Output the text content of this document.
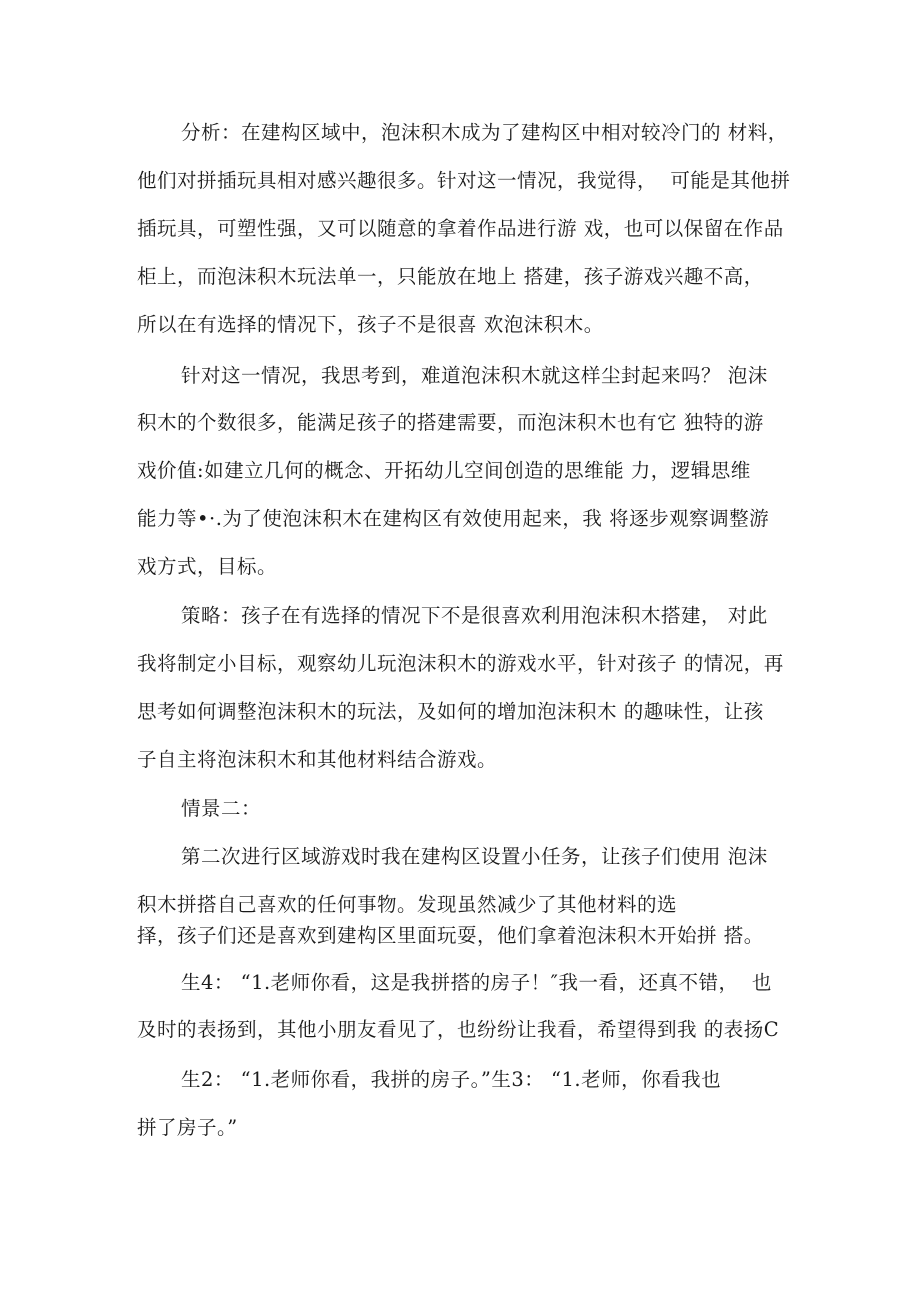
分析：在建构区域中，泡沫积木成为了建构区中相对较冷门的 材料，

他们对拼插玩具相对感兴趣很多。针对这一情况，我觉得，  可能是其他拼

插玩具，可塑性强，又可以随意的拿着作品进行游 戏，也可以保留在作品

柜上，而泡沫积木玩法单一，只能放在地上 搭建，孩子游戏兴趣不高，

所以在有选择的情况下，孩子不是很喜 欢泡沫积木。

针对这一情况，我思考到，难道泡沫积木就这样尘封起来吗？ 泡沫

积木的个数很多，能满足孩子的搭建需要，而泡沫积木也有它 独特的游

戏价值:如建立几何的概念、开拓幼儿空间创造的思维能 力，逻辑思维

能力等•·.为了使泡沫积木在建构区有效使用起来，我 将逐步观察调整游

戏方式，目标。

策略：孩子在有选择的情况下不是很喜欢利用泡沫积木搭建， 对此

我将制定小目标，观察幼儿玩泡沫积木的游戏水平，针对孩子 的情况，再

思考如何调整泡沫积木的玩法，及如何的增加泡沫积木 的趣味性，让孩

子自主将泡沫积木和其他材料结合游戏。

情景二：

第二次进行区域游戏时我在建构区设置小任务，让孩子们使用 泡沫

积木拼搭自己喜欢的任何事物。发现虽然减少了其他材料的选

择，孩子们还是喜欢到建构区里面玩耍，他们拿着泡沫积木开始拼 搭。

生4： “1.老师你看，这是我拼搭的房子！″我一看，还真不错，  也

及时的表扬到，其他小朋友看见了，也纷纷让我看，希望得到我 的表扬C

生2： “1.老师你看，我拼的房子。”生3： “1.老师，你看我也

拼了房子。”
